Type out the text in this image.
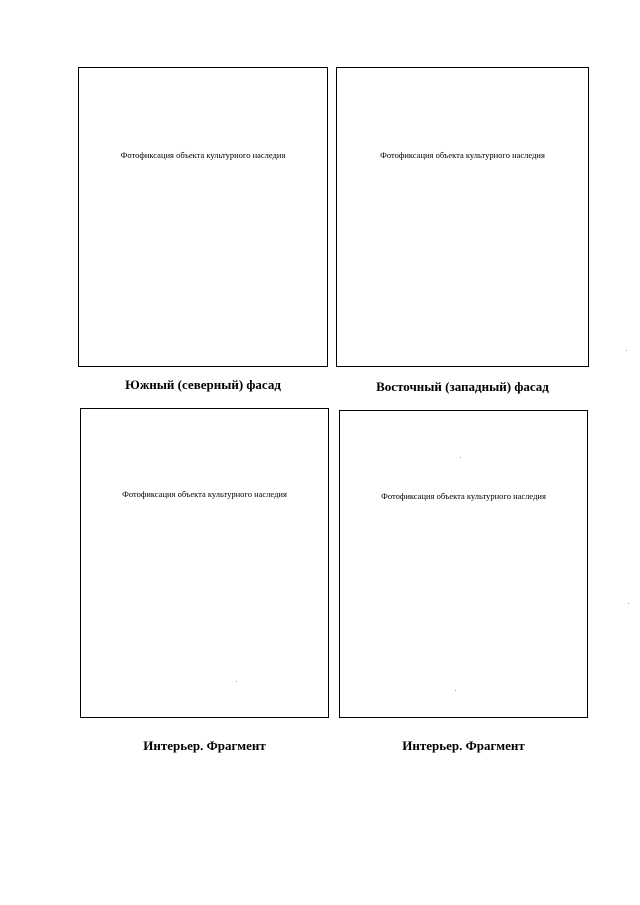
Фотофиксация объекта культурного наследия
Южный (северный) фасад
Фотофиксация объекта культурного наследия
Восточный (западный) фасад
Фотофиксация объекта культурного наследия
Интерьер. Фрагмент
Фотофиксация объекта культурного наследия
Интерьер. Фрагмент
